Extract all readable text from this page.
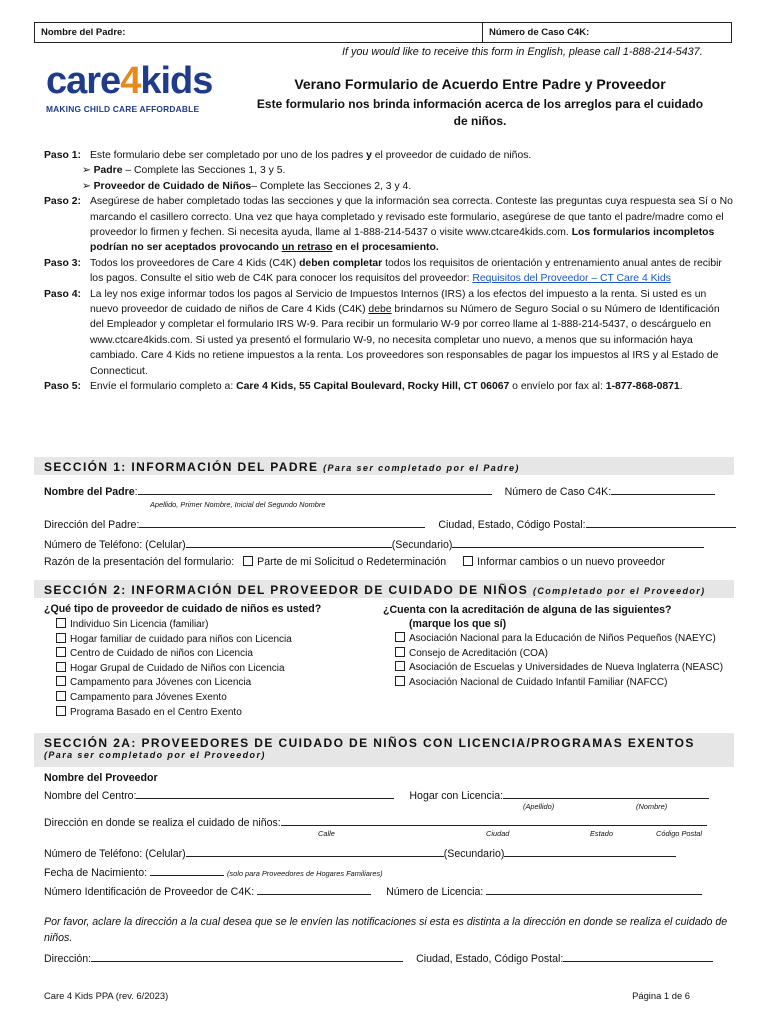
Nombre del Padre:	Número de Caso C4K:
If you would like to receive this form in English, please call 1-888-214-5437.
care4kids
MAKING CHILD CARE AFFORDABLE
Verano Formulario de Acuerdo Entre Padre y Proveedor
Este formulario nos brinda información acerca de los arreglos para el cuidado
de niños.
Paso 1: Este formulario debe ser completado por uno de los padres y el proveedor de cuidado de niños.
➢ Padre – Complete las Secciones 1, 3 y 5.
➢ Proveedor de Cuidado de Niños– Complete las Secciones 2, 3 y 4.
Paso 2: Asegúrese de haber completado todas las secciones y que la información sea correcta. Conteste las preguntas cuya respuesta sea Sí o No marcando el casillero correcto. Una vez que haya completado y revisado este formulario, asegúrese de que tanto el padre/madre como el proveedor lo firmen y fechen. Si necesita ayuda, llame al 1-888-214-5437 o visite www.ctcare4kids.com. Los formularios incompletos podrían no ser aceptados provocando un retraso en el procesamiento.
Paso 3: Todos los proveedores de Care 4 Kids (C4K) deben completar todos los requisitos de orientación y entrenamiento anual antes de recibir los pagos. Consulte el sitio web de C4K para conocer los requisitos del proveedor: Requisitos del Proveedor – CT Care 4 Kids
Paso 4: La ley nos exige informar todos los pagos al Servicio de Impuestos Internos (IRS) a los efectos del impuesto a la renta. Si usted es un nuevo proveedor de cuidado de niños de Care 4 Kids (C4K) debe brindarnos su Número de Seguro Social o su Número de Identificación del Empleador y completar el formulario IRS W-9. Para recibir un formulario W-9 por correo llame al 1-888-214-5437, o descárguelo en www.ctcare4kids.com. Si usted ya presentó el formulario W-9, no necesita completar uno nuevo, a menos que su información haya cambiado. Care 4 Kids no retiene impuestos a la renta. Los proveedores son responsables de pagar los impuestos al IRS y al Estado de Connecticut.
Paso 5: Envíe el formulario completo a: Care 4 Kids, 55 Capital Boulevard, Rocky Hill, CT 06067 o envíelo por fax al: 1-877-868-0871.
SECCIÓN 1: INFORMACIÓN DEL PADRE (Para ser completado por el Padre)
Nombre del Padre:	Número de Caso C4K:
Apellido, Primer Nombre, Inicial del Segundo Nombre
Dirección del Padre:	Ciudad, Estado, Código Postal:
Número de Teléfono: (Celular)	(Secundario)
Razón de la presentación del formulario: Parte de mi Solicitud o Redeterminación	Informar cambios o un nuevo proveedor
SECCIÓN 2: INFORMACIÓN DEL PROVEEDOR DE CUIDADO DE NIÑOS (Completado por el Proveedor)
¿Qué tipo de proveedor de cuidado de niños es usted?
Individuo Sin Licencia (familiar)
Hogar familiar de cuidado para niños con Licencia
Centro de Cuidado de niños con Licencia
Hogar Grupal de Cuidado de Niños con Licencia
Campamento para Jóvenes con Licencia
Campamento para Jóvenes Exento
Programa Basado en el Centro Exento
¿Cuenta con la acreditación de alguna de las siguientes?
(marque los que sí)
Asociación Nacional para la Educación de Niños Pequeños (NAEYC)
Consejo de Acreditación (COA)
Asociación de Escuelas y Universidades de Nueva Inglaterra (NEASC)
Asociación Nacional de Cuidado Infantil Familiar (NAFCC)
SECCIÓN 2A: PROVEEDORES DE CUIDADO DE NIÑOS CON LICENCIA/PROGRAMAS EXENTOS
(Para ser completado por el Proveedor)
Nombre del Proveedor
Nombre del Centro:	Hogar con Licencia:
(Apellido)	(Nombre)
Dirección en donde se realiza el cuidado de niños:
Calle	Ciudad	Estado	Código Postal
Número de Teléfono: (Celular)	(Secundario)
Fecha de Nacimiento:	(solo para Proveedores de Hogares Familiares)
Número Identificación de Proveedor de C4K:	Número de Licencia:
Por favor, aclare la dirección a la cual desea que se le envíen las notificaciones si esta es distinta a la dirección en donde se realiza el cuidado de niños.
Dirección:	Ciudad, Estado, Código Postal:
Care 4 Kids PPA (rev. 6/2023)	Página 1 de 6
